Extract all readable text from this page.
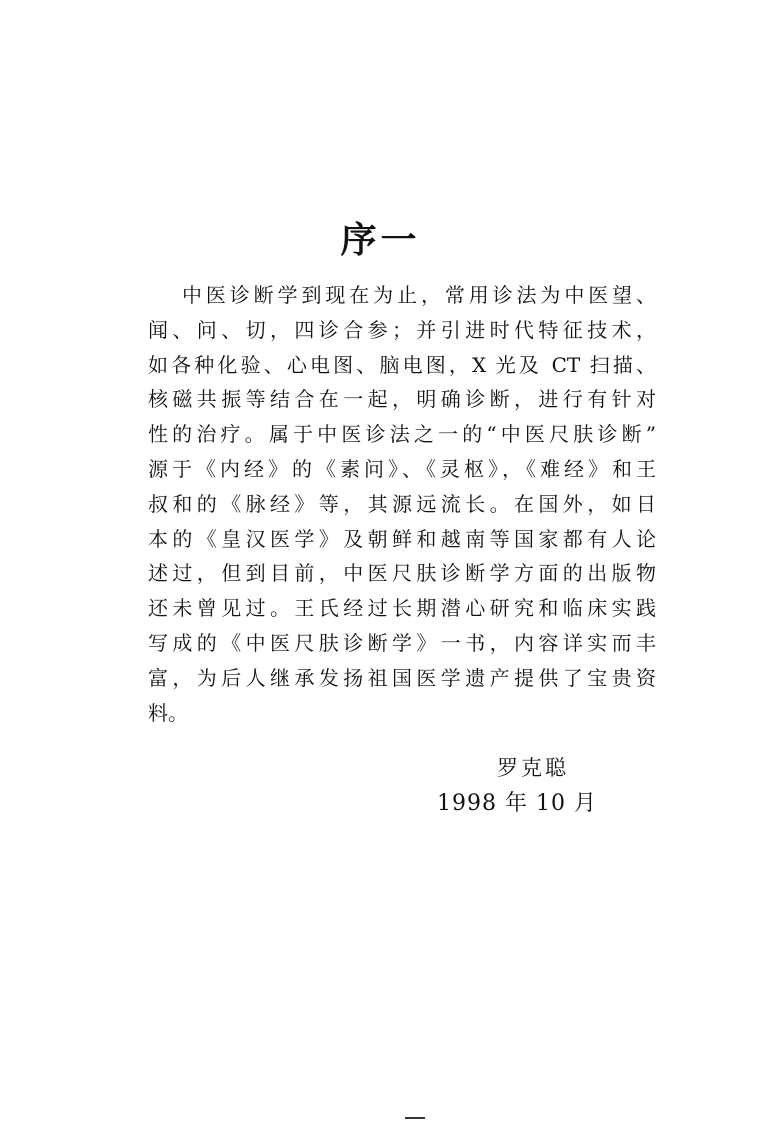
序一
中医诊断学到现在为止，常用诊法为中医望、
闻、问、切，四诊合参；并引进时代特征技术，
如各种化验、心电图、脑电图，X 光及 CT 扫描、
核磁共振等结合在一起，明确诊断，进行有针对
性的治疗。属于中医诊法之一的“中医尺肤诊断”
源于《内经》的《素问》、《灵枢》，《难经》和王
叔和的《脉经》等，其源远流长。在国外，如日
本的《皇汉医学》及朝鲜和越南等国家都有人论
述过，但到目前，中医尺肤诊断学方面的出版物
还未曾见过。王氏经过长期潜心研究和临床实践
写成的《中医尺肤诊断学》一书，内容详实而丰
富，为后人继承发扬祖国医学遗产提供了宝贵资
料。
罗克聪
1998 年 10 月
